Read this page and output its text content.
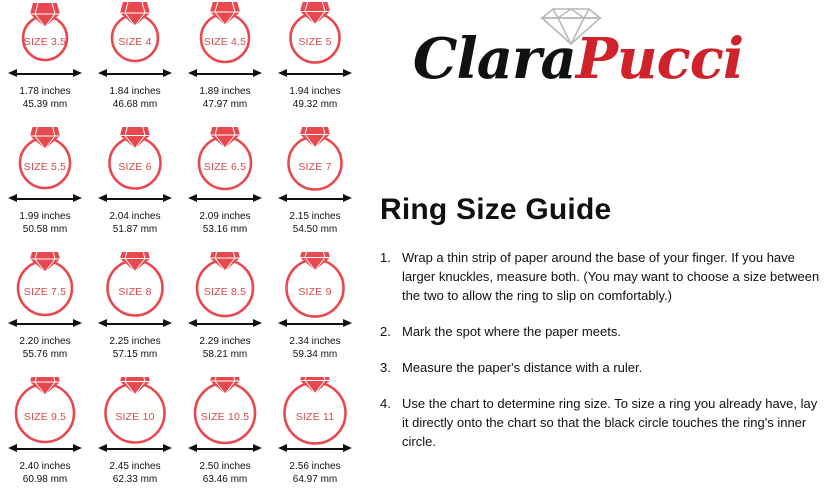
SIZE 3.5
1.78 inches
45.39 mm
SIZE 4
1.84 inches
46.68 mm
SIZE 4.5
1.89 inches
47.97 mm
SIZE 5
1.94 inches
49.32 mm
SIZE 5.5
1.99 inches
50.58 mm
SIZE 6
2.04 inches
51.87 mm
SIZE 6.5
2.09 inches
53.16 mm
SIZE 7
2.15 inches
54.50 mm
SIZE 7.5
2.20 inches
55.76 mm
SIZE 8
2.25 inches
57.15 mm
SIZE 8.5
2.29 inches
58.21 mm
SIZE 9
2.34 inches
59.34 mm
SIZE 9.5
2.40 inches
60.98 mm
SIZE 10
2.45 inches
62.33 mm
SIZE 10.5
2.50 inches
63.46 mm
SIZE 11
2.56 inches
64.97 mm
ClaraPucci
Ring Size Guide
1. Wrap a thin strip of paper around the base of your finger. If you have larger knuckles, measure both. (You may want to choose a size between the two to allow the ring to slip on comfortably.)
2. Mark the spot where the paper meets.
3. Measure the paper's distance with a ruler.
4. Use the chart to determine ring size. To size a ring you already have, lay it directly onto the chart so that the black circle touches the ring's inner circle.
